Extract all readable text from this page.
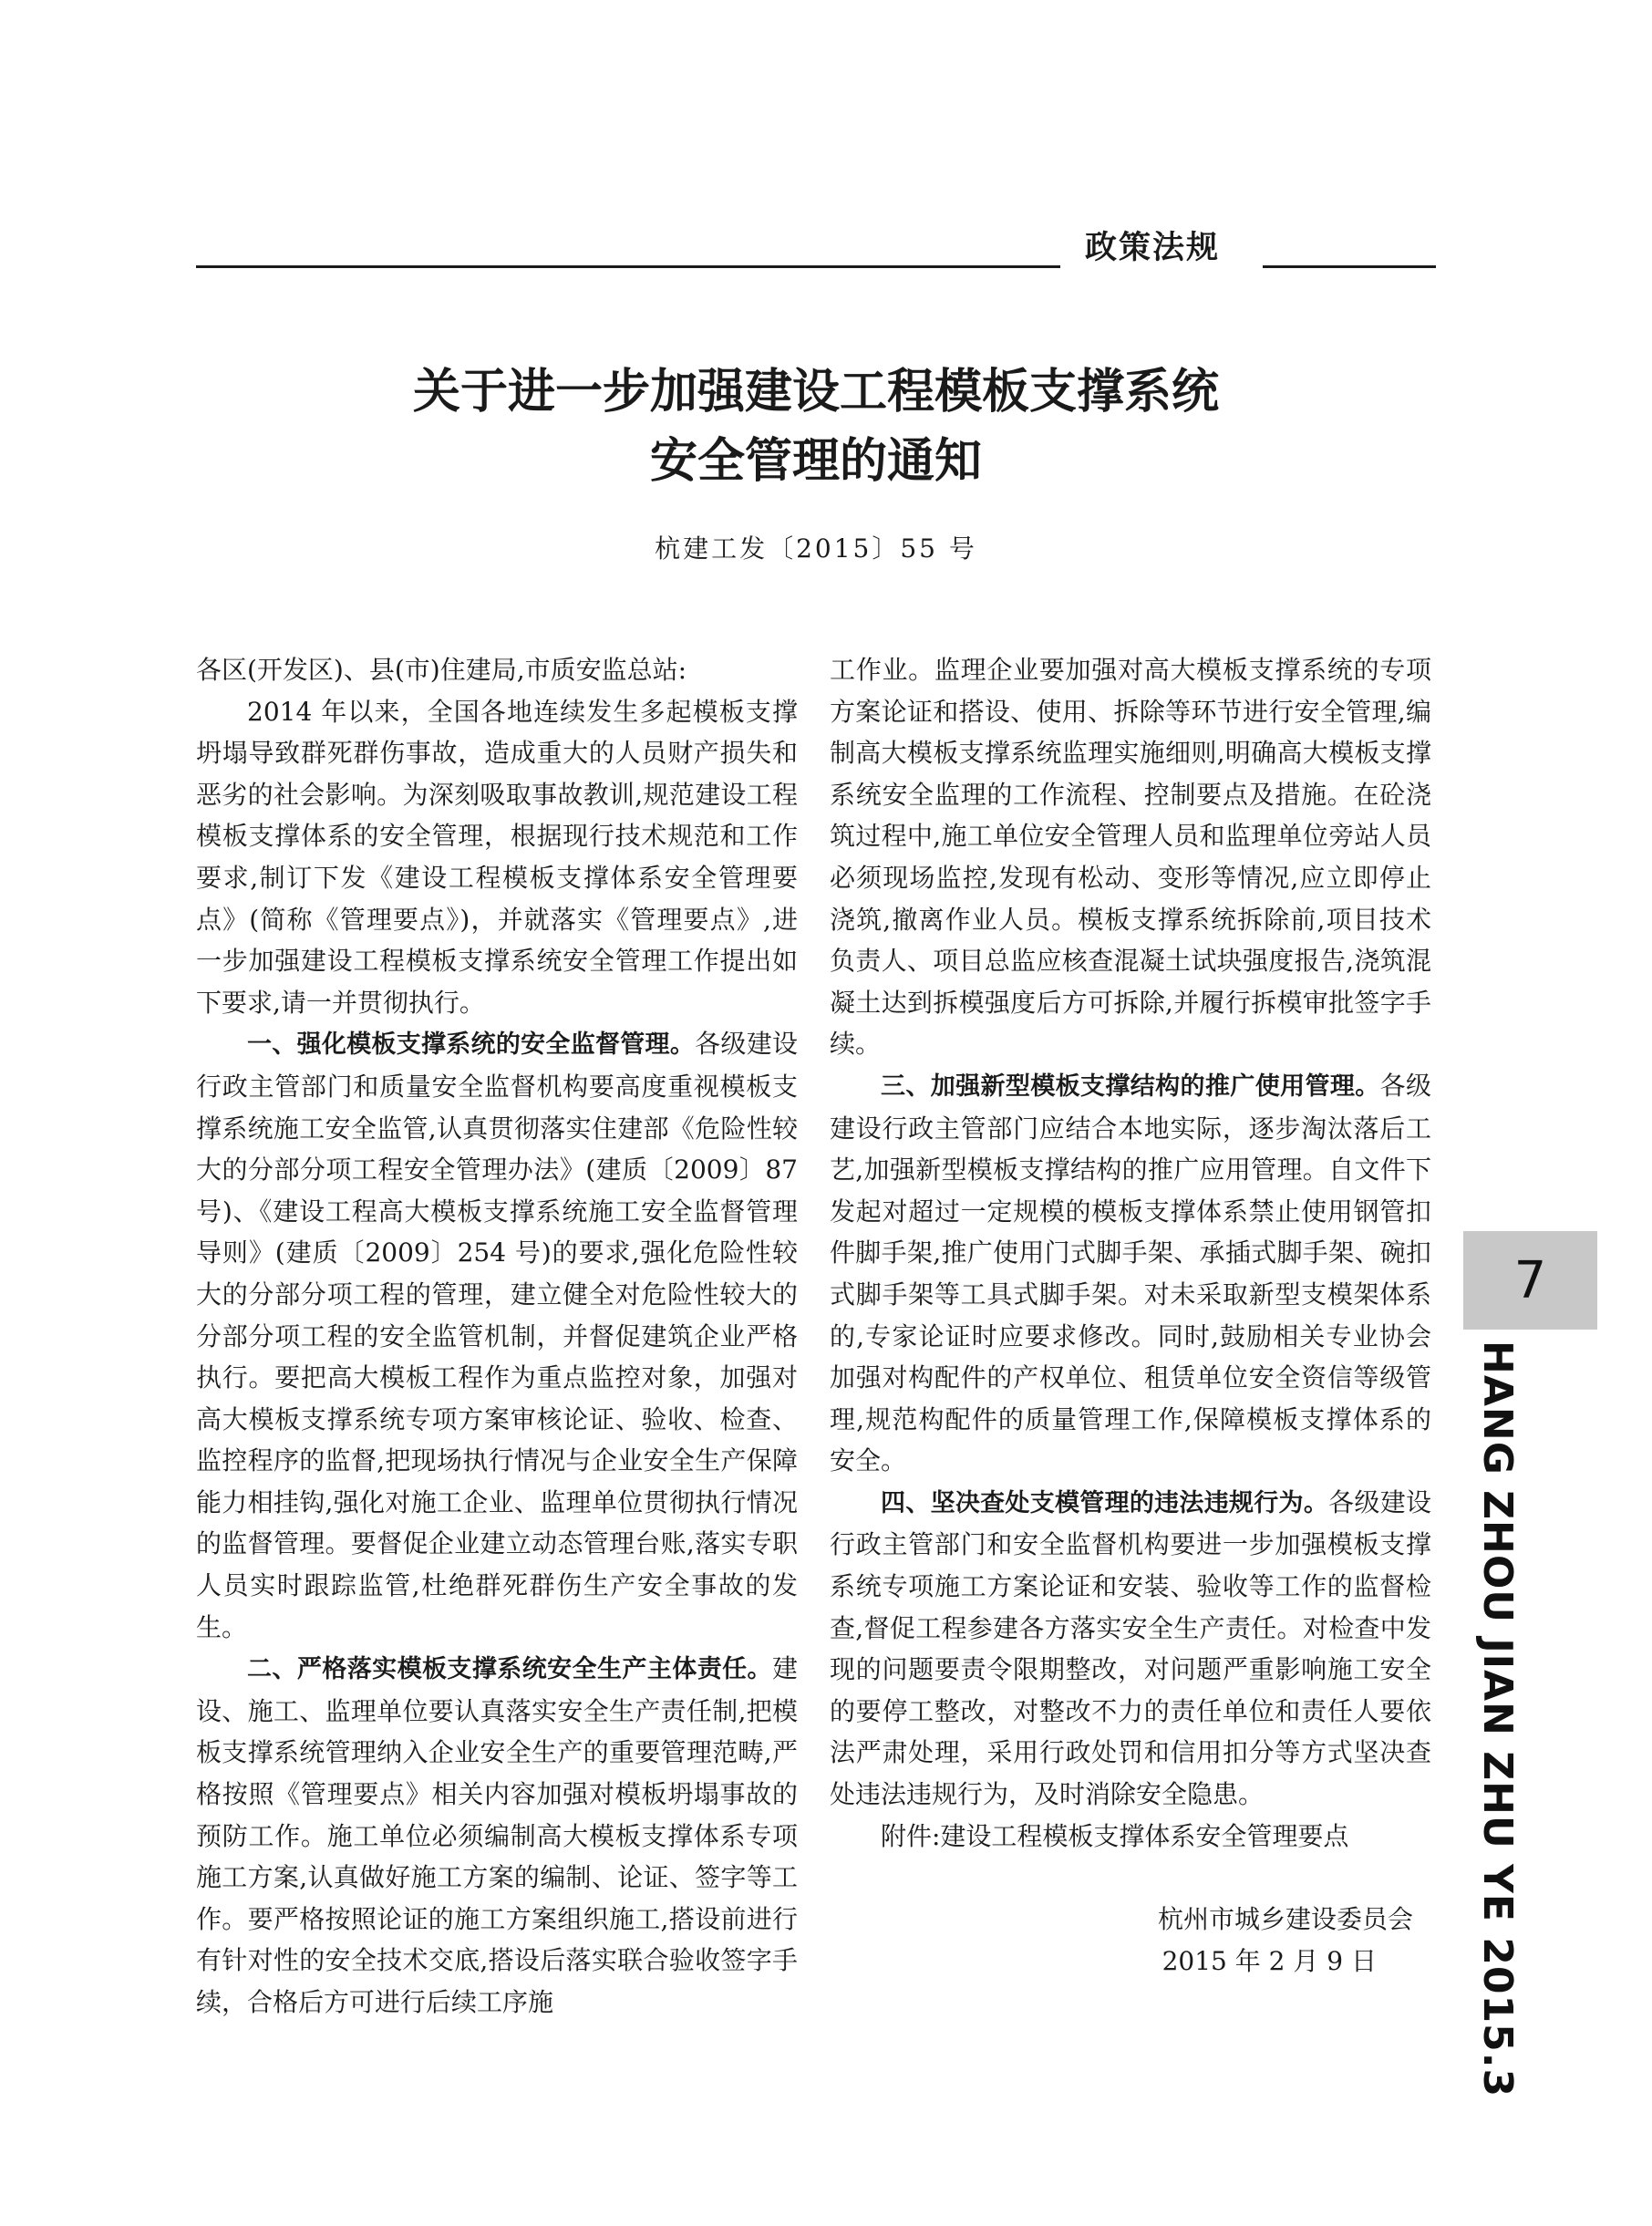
政策法规
关于进一步加强建设工程模板支撑系统
安全管理的通知
杭建工发〔2015〕55 号

各区(开发区)、县(市)住建局,市质安监总站:

2014 年以来，全国各地连续发生多起模板支撑坍塌导致群死群伤事故，造成重大的人员财产损失和恶劣的社会影响。为深刻吸取事故教训,规范建设工程模板支撑体系的安全管理，根据现行技术规范和工作要求,制订下发《建设工程模板支撑体系安全管理要点》(简称《管理要点》)，并就落实《管理要点》,进一步加强建设工程模板支撑系统安全管理工作提出如下要求,请一并贯彻执行。

一、强化模板支撑系统的安全监督管理。各级建设行政主管部门和质量安全监督机构要高度重视模板支撑系统施工安全监管,认真贯彻落实住建部《危险性较大的分部分项工程安全管理办法》(建质〔2009〕87 号)、《建设工程高大模板支撑系统施工安全监督管理导则》(建质〔2009〕254 号)的要求,强化危险性较大的分部分项工程的管理，建立健全对危险性较大的分部分项工程的安全监管机制，并督促建筑企业严格执行。要把高大模板工程作为重点监控对象，加强对高大模板支撑系统专项方案审核论证、验收、检查、监控程序的监督,把现场执行情况与企业安全生产保障能力相挂钩,强化对施工企业、监理单位贯彻执行情况的监督管理。要督促企业建立动态管理台账,落实专职人员实时跟踪监管,杜绝群死群伤生产安全事故的发生。

二、严格落实模板支撑系统安全生产主体责任。建设、施工、监理单位要认真落实安全生产责任制,把模板支撑系统管理纳入企业安全生产的重要管理范畴,严格按照《管理要点》相关内容加强对模板坍塌事故的预防工作。施工单位必须编制高大模板支撑体系专项施工方案,认真做好施工方案的编制、论证、签字等工作。要严格按照论证的施工方案组织施工,搭设前进行有针对性的安全技术交底,搭设后落实联合验收签字手续，合格后方可进行后续工序施

工作业。监理企业要加强对高大模板支撑系统的专项方案论证和搭设、使用、拆除等环节进行安全管理,编制高大模板支撑系统监理实施细则,明确高大模板支撑系统安全监理的工作流程、控制要点及措施。在砼浇筑过程中,施工单位安全管理人员和监理单位旁站人员必须现场监控,发现有松动、变形等情况,应立即停止浇筑,撤离作业人员。模板支撑系统拆除前,项目技术负责人、项目总监应核查混凝土试块强度报告,浇筑混凝土达到拆模强度后方可拆除,并履行拆模审批签字手续。

三、加强新型模板支撑结构的推广使用管理。各级建设行政主管部门应结合本地实际，逐步淘汰落后工艺,加强新型模板支撑结构的推广应用管理。自文件下发起对超过一定规模的模板支撑体系禁止使用钢管扣件脚手架,推广使用门式脚手架、承插式脚手架、碗扣式脚手架等工具式脚手架。对未采取新型支模架体系的,专家论证时应要求修改。同时,鼓励相关专业协会加强对构配件的产权单位、租赁单位安全资信等级管理,规范构配件的质量管理工作,保障模板支撑体系的安全。

四、坚决查处支模管理的违法违规行为。各级建设行政主管部门和安全监督机构要进一步加强模板支撑系统专项施工方案论证和安装、验收等工作的监督检查,督促工程参建各方落实安全生产责任。对检查中发现的问题要责令限期整改，对问题严重影响施工安全的要停工整改，对整改不力的责任单位和责任人要依法严肃处理，采用行政处罚和信用扣分等方式坚决查处违法违规行为，及时消除安全隐患。

附件:建设工程模板支撑体系安全管理要点

杭州市城乡建设委员会
2015 年 2 月 9 日
7
HANG ZHOU JIAN ZHU YE 2015.3
